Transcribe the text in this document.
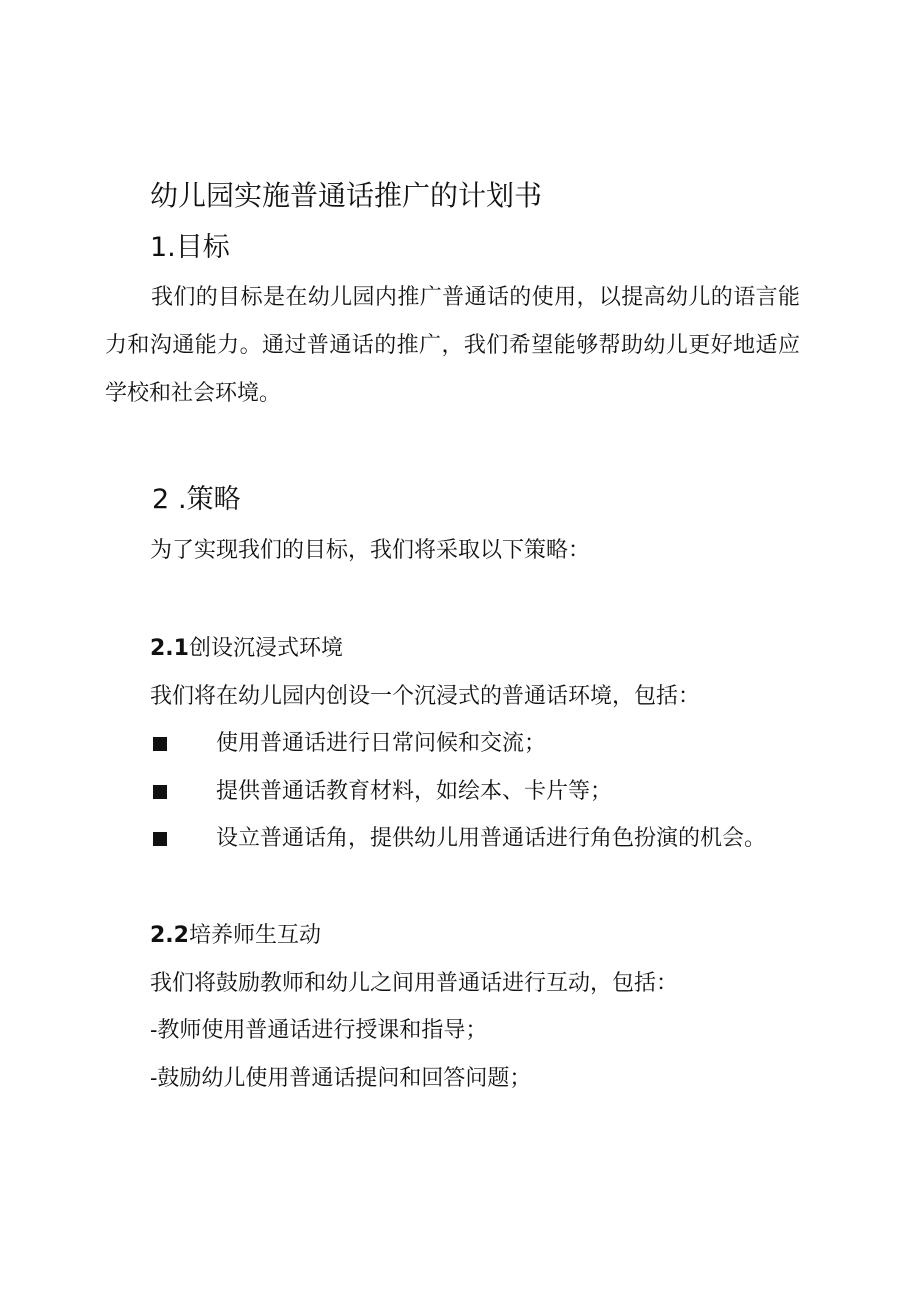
幼儿园实施普通话推广的计划书
1.目标

我们的目标是在幼儿园内推广普通话的使用，以提高幼儿的语言能力和沟通能力。通过普通话的推广，我们希望能够帮助幼儿更好地适应学校和社会环境。

2 .策略
为了实现我们的目标，我们将采取以下策略：
2.1创设沉浸式环境
我们将在幼儿园内创设一个沉浸式的普通话环境，包括：
使用普通话进行日常问候和交流；
提供普通话教育材料，如绘本、卡片等；
设立普通话角，提供幼儿用普通话进行角色扮演的机会。
2.2培养师生互动
我们将鼓励教师和幼儿之间用普通话进行互动，包括：
-教师使用普通话进行授课和指导；
-鼓励幼儿使用普通话提问和回答问题；
